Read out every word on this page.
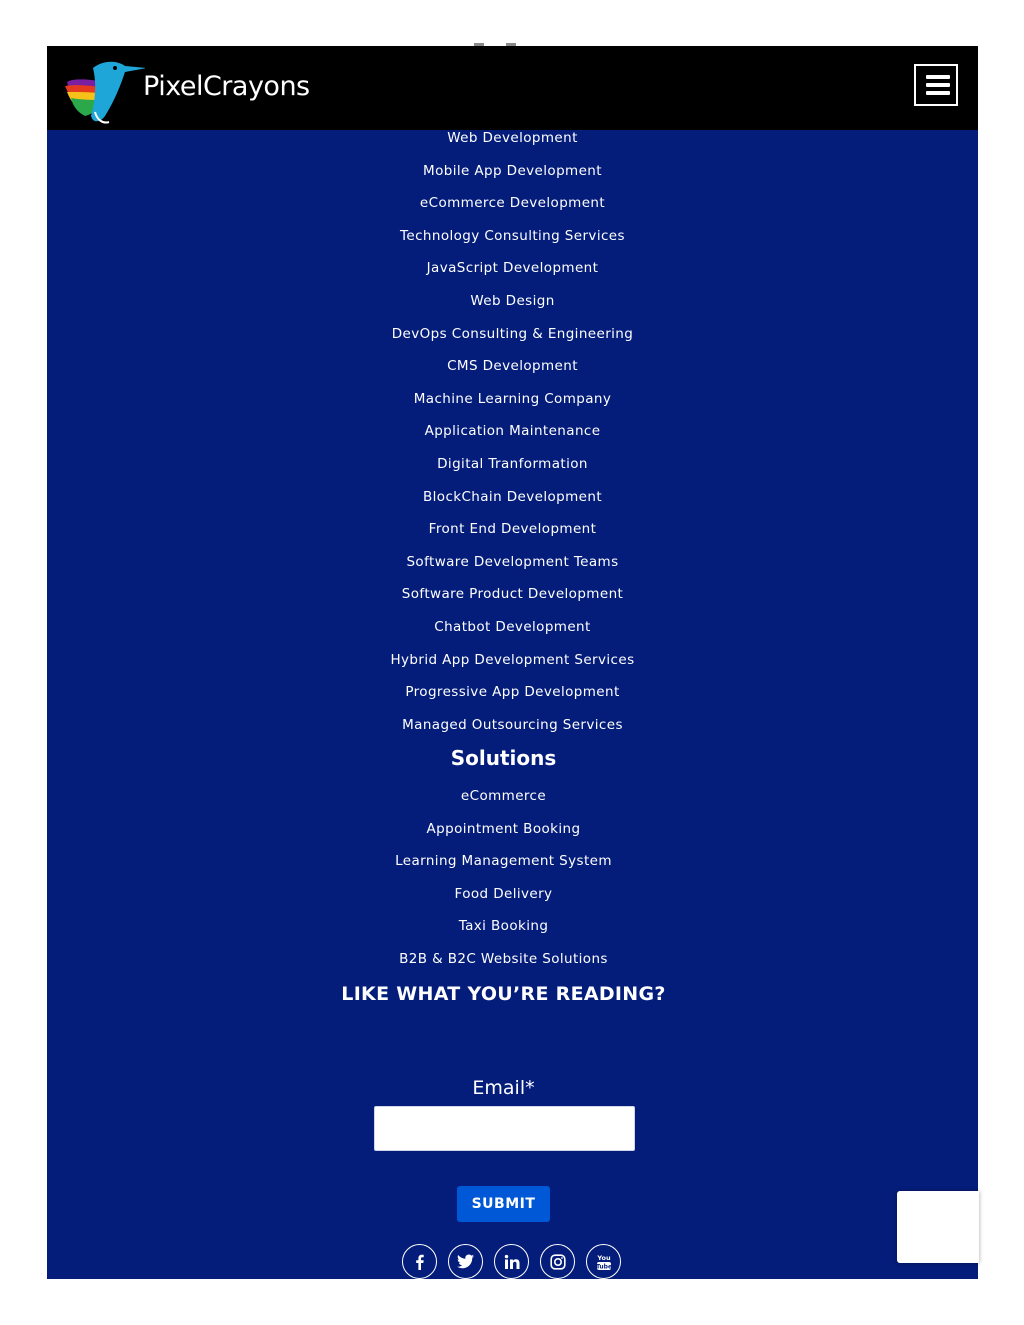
PixelCrayons
Web Development
Mobile App Development
eCommerce Development
Technology Consulting Services
JavaScript Development
Web Design
DevOps Consulting & Engineering
CMS Development
Machine Learning Company
Application Maintenance
Digital Tranformation
BlockChain Development
Front End Development
Software Development Teams
Software Product Development
Chatbot Development
Hybrid App Development Services
Progressive App Development
Managed Outsourcing Services
Solutions
eCommerce
Appointment Booking
Learning Management System
Food Delivery
Taxi Booking
B2B & B2C Website Solutions
LIKE WHAT YOU’RE READING?
Email*
SUBMIT
You
Tube
